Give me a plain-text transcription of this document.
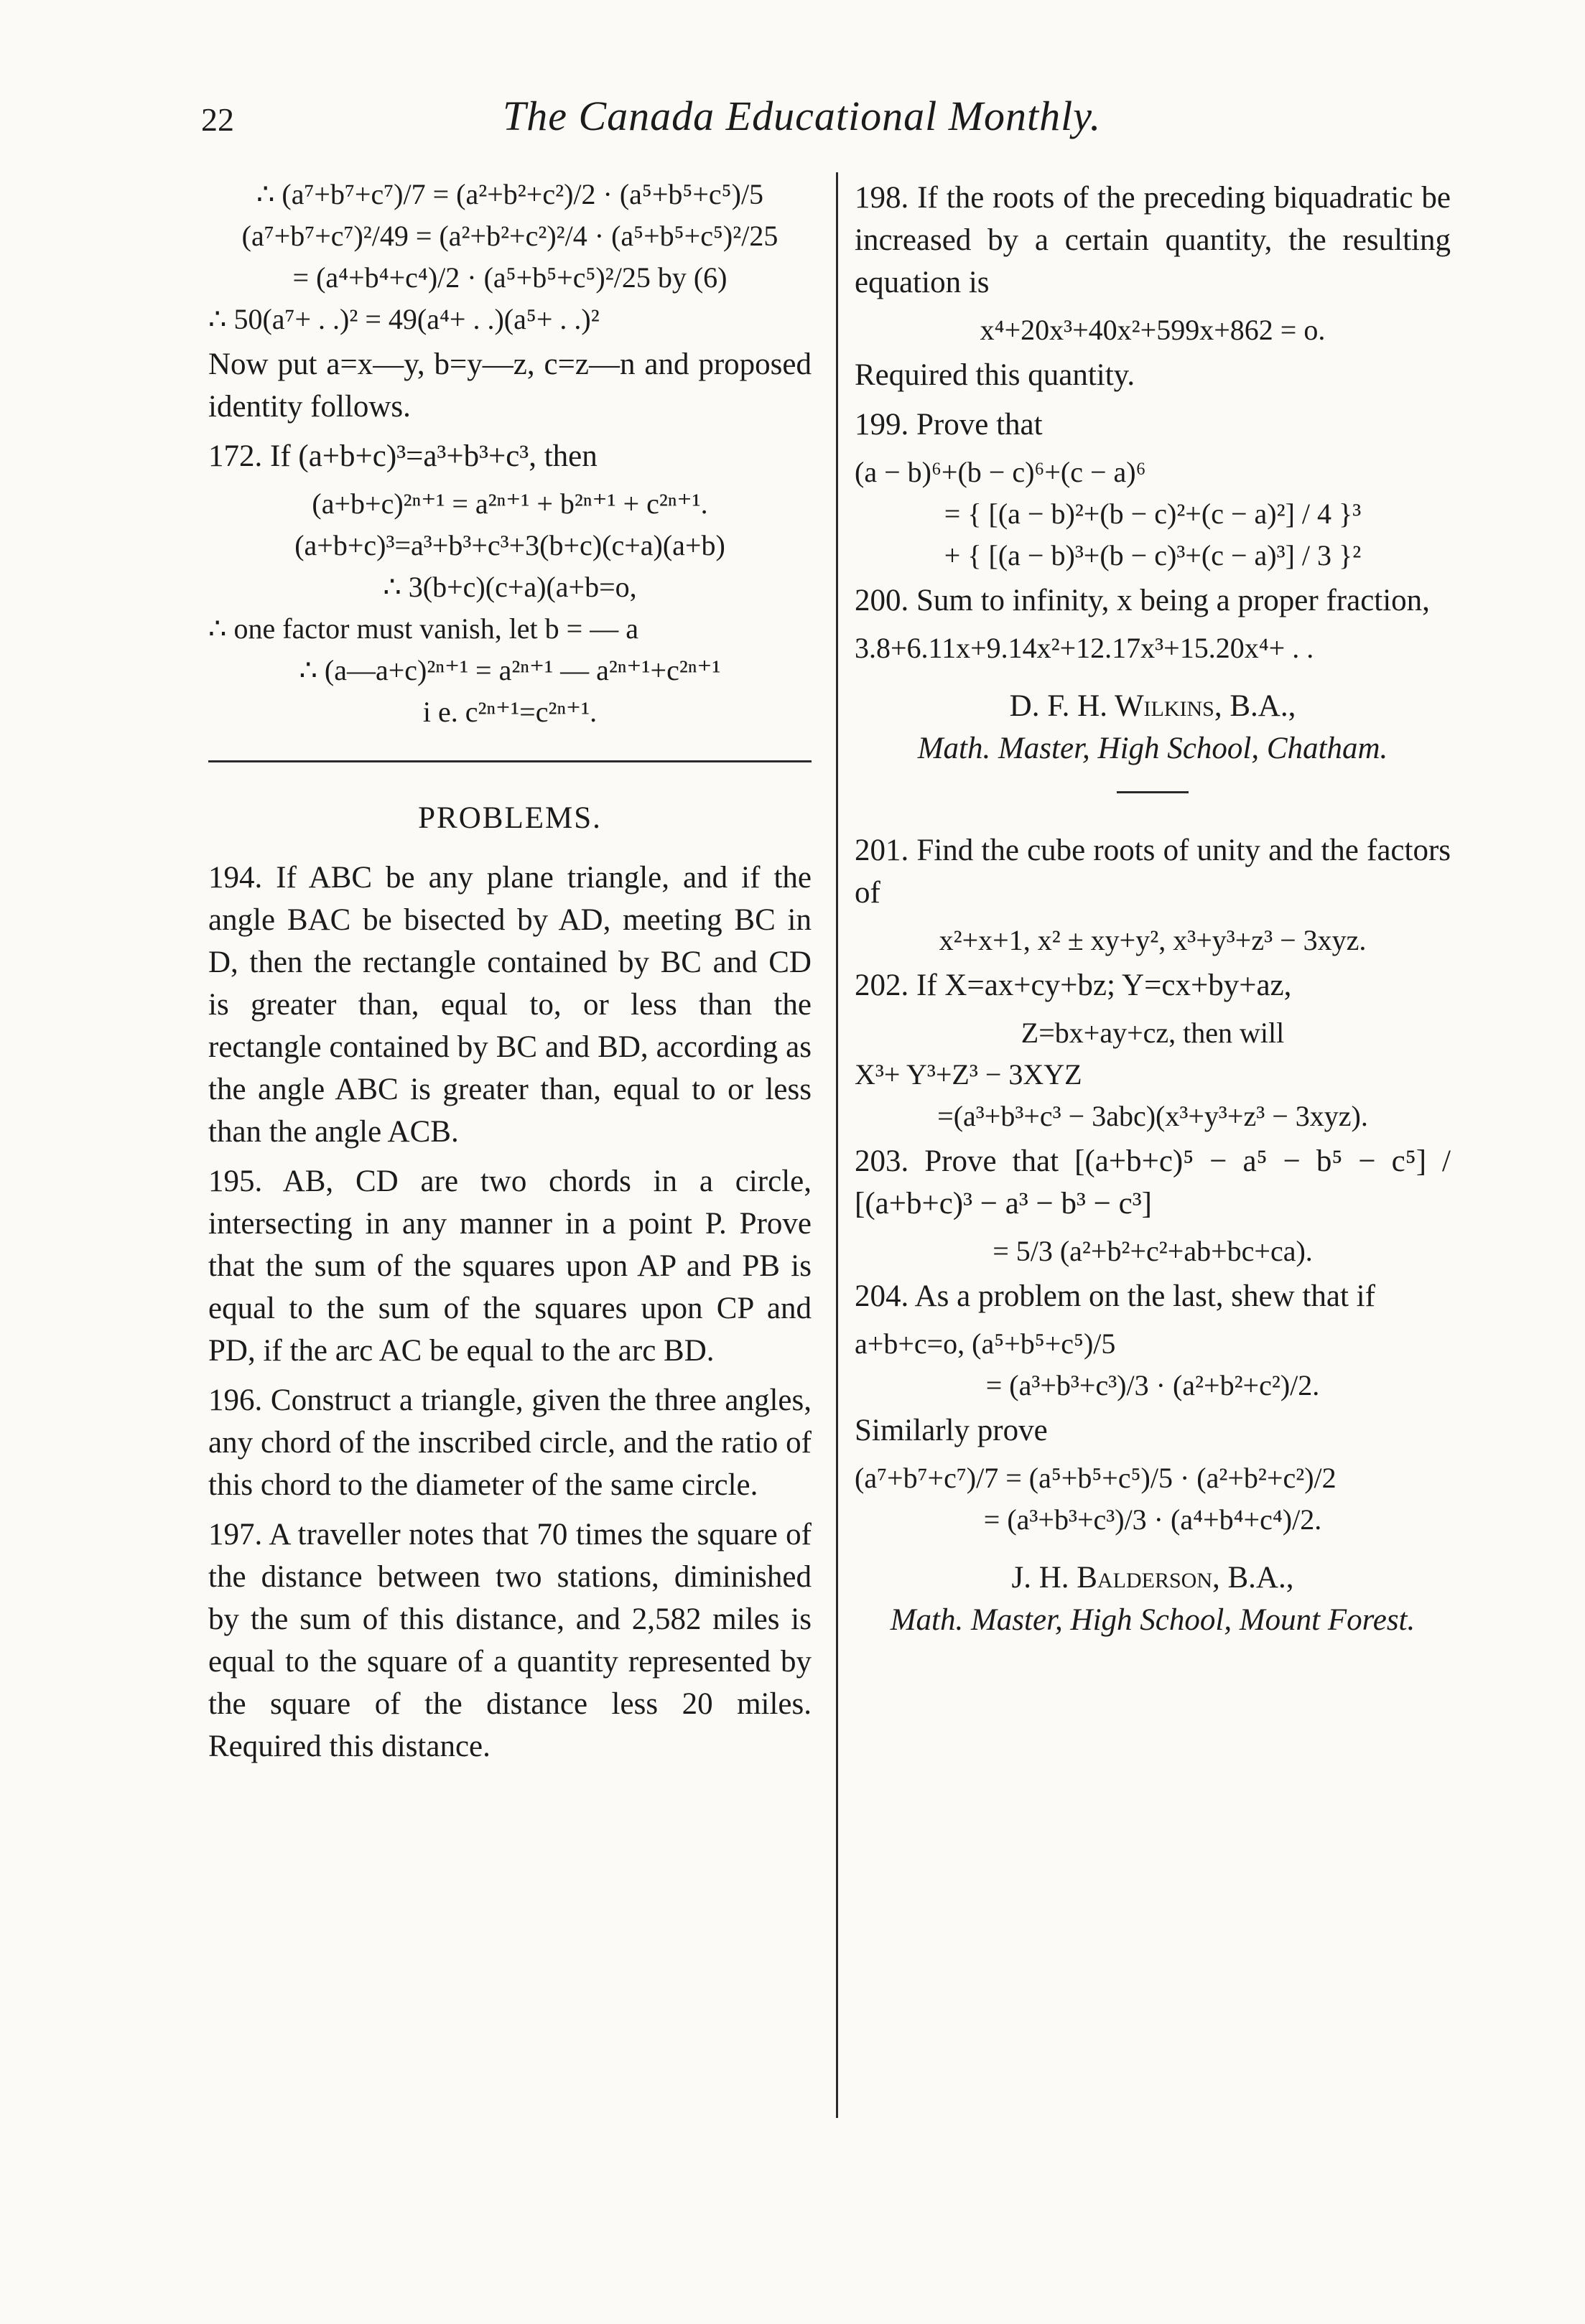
22	The Canada Educational Monthly.
∴ (a⁷+b⁷+c⁷)/7 = (a²+b²+c²)/2 · (a⁵+b⁵+c⁵)/5
(a⁷+b⁷+c⁷)²/49 = (a²+b²+c²)²/4 · (a⁵+b⁵+c⁵)²/25
= (a⁴+b⁴+c⁴)/2 · (a⁵+b⁵+c⁵)²/25 by (6)
∴ 50(a⁷+ . .)² = 49(a⁴+ . .)(a⁵+ . .)²

Now put a=x—y, b=y—z, c=z—n and proposed identity follows.

172. If (a+b+c)³=a³+b³+c³, then

(a+b+c)²ⁿ⁺¹ = a²ⁿ⁺¹ + b²ⁿ⁺¹ + c²ⁿ⁺¹.
(a+b+c)³=a³+b³+c³+3(b+c)(c+a)(a+b)
∴ 3(b+c)(c+a)(a+b=o,
∴ one factor must vanish, let b = — a
∴ (a—a+c)²ⁿ⁺¹ = a²ⁿ⁺¹ — a²ⁿ⁺¹+c²ⁿ⁺¹
i e. c²ⁿ⁺¹=c²ⁿ⁺¹.
PROBLEMS.

194. If ABC be any plane triangle, and if the angle BAC be bisected by AD, meeting BC in D, then the rectangle contained by BC and CD is greater than, equal to, or less than the rectangle contained by BC and BD, according as the angle ABC is greater than, equal to or less than the angle ACB.

195. AB, CD are two chords in a circle, intersecting in any manner in a point P. Prove that the sum of the squares upon AP and PB is equal to the sum of the squares upon CP and PD, if the arc AC be equal to the arc BD.

196. Construct a triangle, given the three angles, any chord of the inscribed circle, and the ratio of this chord to the diameter of the same circle.

197. A traveller notes that 70 times the square of the distance between two stations, diminished by the sum of this distance, and 2,582 miles is equal to the square of a quantity represented by the square of the distance less 20 miles. Required this distance.

198. If the roots of the preceding biquadratic be increased by a certain quantity, the resulting equation is

x⁴+20x³+40x²+599x+862 = o.

Required this quantity.

199. Prove that

(a − b)⁶+(b − c)⁶+(c − a)⁶
= { [(a − b)²+(b − c)²+(c − a)²] / 4 }³
+ { [(a − b)³+(b − c)³+(c − a)³] / 3 }²

200. Sum to infinity, x being a proper fraction,

3.8+6.11x+9.14x²+12.17x³+15.20x⁴+ . .
D. F. H. Wilkins, B.A.,
Math. Master, High School, Chatham.

201. Find the cube roots of unity and the factors of

x²+x+1, x² ± xy+y², x³+y³+z³ − 3xyz.

202. If X=ax+cy+bz; Y=cx+by+az,

Z=bx+ay+cz, then will
X³+ Y³+Z³ − 3XYZ
=(a³+b³+c³ − 3abc)(x³+y³+z³ − 3xyz).

203. Prove that [(a+b+c)⁵ − a⁵ − b⁵ − c⁵] / [(a+b+c)³ − a³ − b³ − c³]

= 5/3 (a²+b²+c²+ab+bc+ca).

204. As a problem on the last, shew that if

a+b+c=o, (a⁵+b⁵+c⁵)/5
= (a³+b³+c³)/3 · (a²+b²+c²)/2.

Similarly prove

(a⁷+b⁷+c⁷)/7 = (a⁵+b⁵+c⁵)/5 · (a²+b²+c²)/2
= (a³+b³+c³)/3 · (a⁴+b⁴+c⁴)/2.
J. H. Balderson, B.A.,
Math. Master, High School, Mount Forest.
